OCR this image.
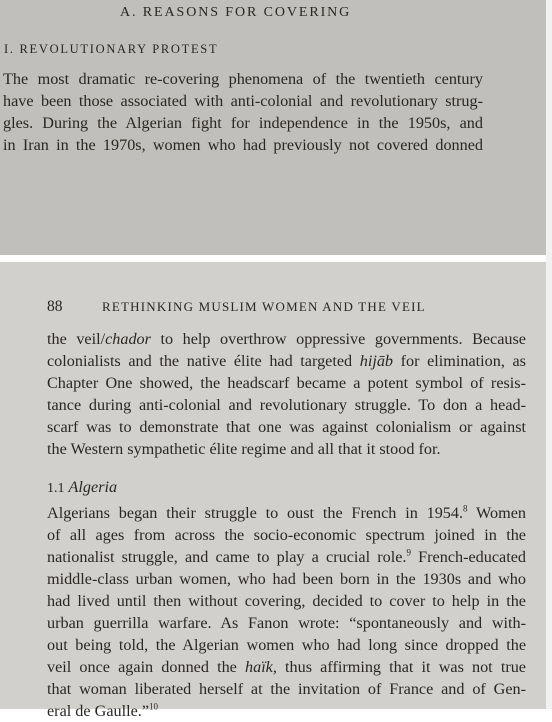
A. REASONS FOR COVERING
I. REVOLUTIONARY PROTEST
The most dramatic re-covering phenomena of the twentieth century
have been those associated with anti-colonial and revolutionary strug-
gles. During the Algerian fight for independence in the 1950s, and
in Iran in the 1970s, women who had previously not covered donned
88	RETHINKING MUSLIM WOMEN AND THE VEIL
the veil/chador to help overthrow oppressive governments. Because
colonialists and the native élite had targeted hijāb for elimination, as
Chapter One showed, the headscarf became a potent symbol of resis-
tance during anti-colonial and revolutionary struggle. To don a head-
scarf was to demonstrate that one was against colonialism or against
the Western sympathetic élite regime and all that it stood for.
1.1 Algeria
Algerians began their struggle to oust the French in 1954.$^8$ Women
of all ages from across the socio-economic spectrum joined in the
nationalist struggle, and came to play a crucial role.$^9$ French-educated
middle-class urban women, who had been born in the 1930s and who
had lived until then without covering, decided to cover to help in the
urban guerrilla warfare. As Fanon wrote: “spontaneously and with-
out being told, the Algerian women who had long since dropped the
veil once again donned the haïk, thus affirming that it was not true
that woman liberated herself at the invitation of France and of Gen-
eral de Gaulle.”$^{10}$
